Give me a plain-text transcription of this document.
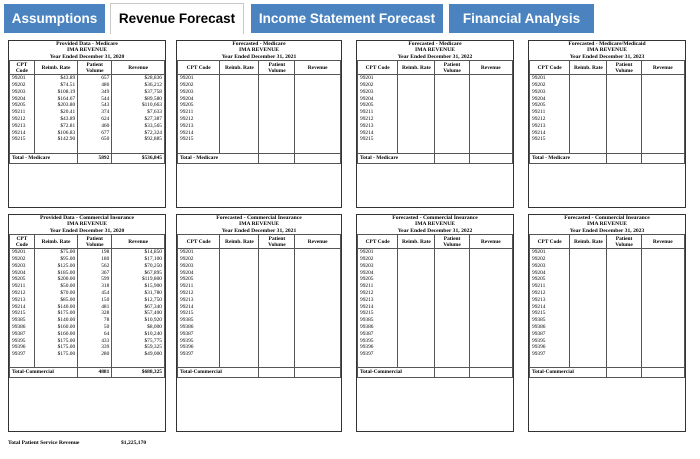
Assumptions	Revenue Forecast	Income Statement Forecast	Financial Analysis
Provided Data - Medicare
IMA REVENUE
Year Ended December 31, 2020
CPT Code	Reimb. Rate	Patient Volume	Revenue
99201	$43.89	657	$28,836
99202	$74.51	486	$36,212
99203	$108.19	349	$37,758
99204	$164.67	544	$89,580
99205	$203.80	543	$110,663
99211	$20.41	374	$7,633
99212	$43.89	624	$27,387
99213	$72.81	460	$33,565
99214	$106.83	677	$72,324
99215	$142.90	650	$92,885

Total - Medicare		5892	$536,845
Forecasted - Medicare
IMA REVENUE
Year Ended December 31, 2021
CPT Code	Reimb. Rate	Patient Volume	Revenue
99201			
99202			
99203			
99204			
99205			
99211			
99212			
99213			
99214			
99215			

Total - Medicare			
Forecasted - Medicare
IMA REVENUE
Year Ended December 31, 2022
CPT Code	Reimb. Rate	Patient Volume	Revenue
99201			
99202			
99203			
99204			
99205			
99211			
99212			
99213			
99214			
99215			

Total - Medicare			
Forecasted - Medicare/Medicaid
IMA REVENUE
Year Ended December 31, 2023
CPT Code	Reimb. Rate	Patient Volume	Revenue
99201			
99202			
99203			
99204			
99205			
99211			
99212			
99213			
99214			
99215			

Total - Medicare			
Provided Data - Commercial Insurance
IMA REVENUE
Year Ended December 31, 2020
CPT Code	Reimb. Rate	Patient Volume	Revenue
99201	$75.00	198	$14,850
99202	$95.00	180	$17,100
99203	$125.00	562	$70,250
99204	$185.00	367	$67,895
99205	$200.00	599	$119,800
99211	$50.00	318	$15,900
99212	$70.00	454	$31,780
99213	$85.00	150	$12,750
99214	$140.00	481	$67,340
99215	$175.00	328	$57,400
99385	$140.00	78	$10,920
99386	$160.00	50	$8,000
99387	$160.00	64	$10,240
99395	$175.00	433	$75,775
99396	$175.00	339	$59,325
99397	$175.00	280	$49,000

Total-Commercial		4881	$688,325
Forecasted - Commercial Insurance
IMA REVENUE
Year Ended December 31, 2021
CPT Code	Reimb. Rate	Patient Volume	Revenue
99201			
99202			
99203			
99204			
99205			
99211			
99212			
99213			
99214			
99215			
99385			
99386			
99387			
99395			
99396			
99397			

Total-Commercial			
Forecasted - Commercial Insurance
IMA REVENUE
Year Ended December 31, 2022
CPT Code	Reimb. Rate	Patient Volume	Revenue
99201			
99202			
99203			
99204			
99205			
99211			
99212			
99213			
99214			
99215			
99385			
99386			
99387			
99395			
99396			
99397			

Total-Commercial			
Forecasted - Commercial Insurance
IMA REVENUE
Year Ended December 31, 2023
CPT Code	Reimb. Rate	Patient Volume	Revenue
99201			
99202			
99203			
99204			
99205			
99211			
99212			
99213			
99214			
99215			
99385			
99386			
99387			
99395			
99396			
99397			

Total-Commercial			
Total Patient Service Revenue	$1,225,170
